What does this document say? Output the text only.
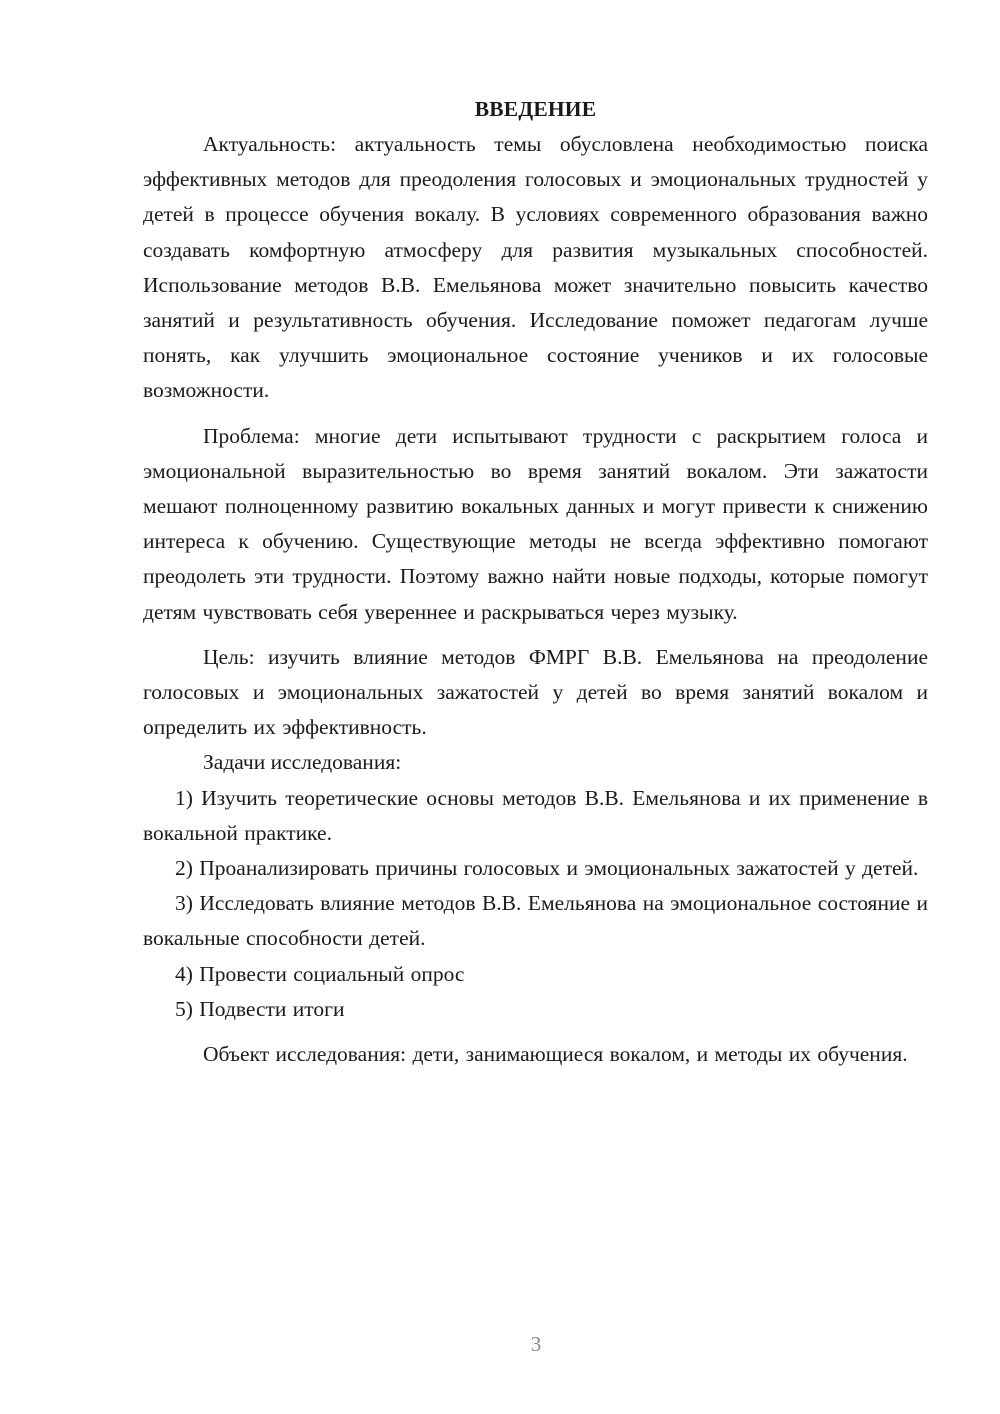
ВВЕДЕНИЕ

Актуальность: актуальность темы обусловлена необходимостью поиска эффективных методов для преодоления голосовых и эмоциональных трудностей у детей в процессе обучения вокалу. В условиях современного образования важно создавать комфортную атмосферу для развития музыкальных способностей. Использование методов В.В. Емельянова может значительно повысить качество занятий и результативность обучения. Исследование поможет педагогам лучше понять, как улучшить эмоциональное состояние учеников и их голосовые возможности.

Проблема: многие дети испытывают трудности с раскрытием голоса и эмоциональной выразительностью во время занятий вокалом. Эти зажатости мешают полноценному развитию вокальных данных и могут привести к снижению интереса к обучению. Существующие методы не всегда эффективно помогают преодолеть эти трудности. Поэтому важно найти новые подходы, которые помогут детям чувствовать себя увереннее и раскрываться через музыку.

Цель: изучить влияние методов ФМРГ В.В. Емельянова на преодоление голосовых и эмоциональных зажатостей у детей во время занятий вокалом и определить их эффективность.

Задачи исследования:

1) Изучить теоретические основы методов В.В. Емельянова и их применение в вокальной практике.

2) Проанализировать причины голосовых и эмоциональных зажатостей у детей.

3) Исследовать влияние методов В.В. Емельянова на эмоциональное состояние и вокальные способности детей.

4) Провести социальный опрос

5) Подвести итоги

Объект исследования: дети, занимающиеся вокалом, и методы их обучения.

3
